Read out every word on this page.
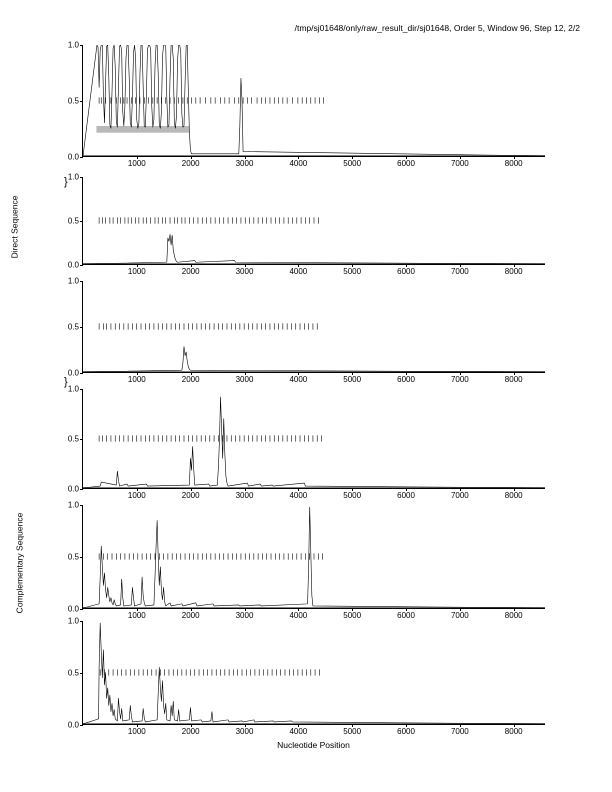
/tmp/sj01648/only/raw_result_dir/sj01648, Order 5, Window 96, Step 12, 2/2
Direct Sequence
Complementary Sequence
Nucleotide Position
}
}
0.0
0.5
1.0
1000	2000	3000	4000	5000	6000	7000	8000
0.0
0.5
1.0
1000	2000	3000	4000	5000	6000	7000	8000
0.0
0.5
1.0
1000	2000	3000	4000	5000	6000	7000	8000
0.0
0.5
1.0
1000	2000	3000	4000	5000	6000	7000	8000
0.0
0.5
1.0
1000	2000	3000	4000	5000	6000	7000	8000
0.0
0.5
1.0
1000	2000	3000	4000	5000	6000	7000	8000
